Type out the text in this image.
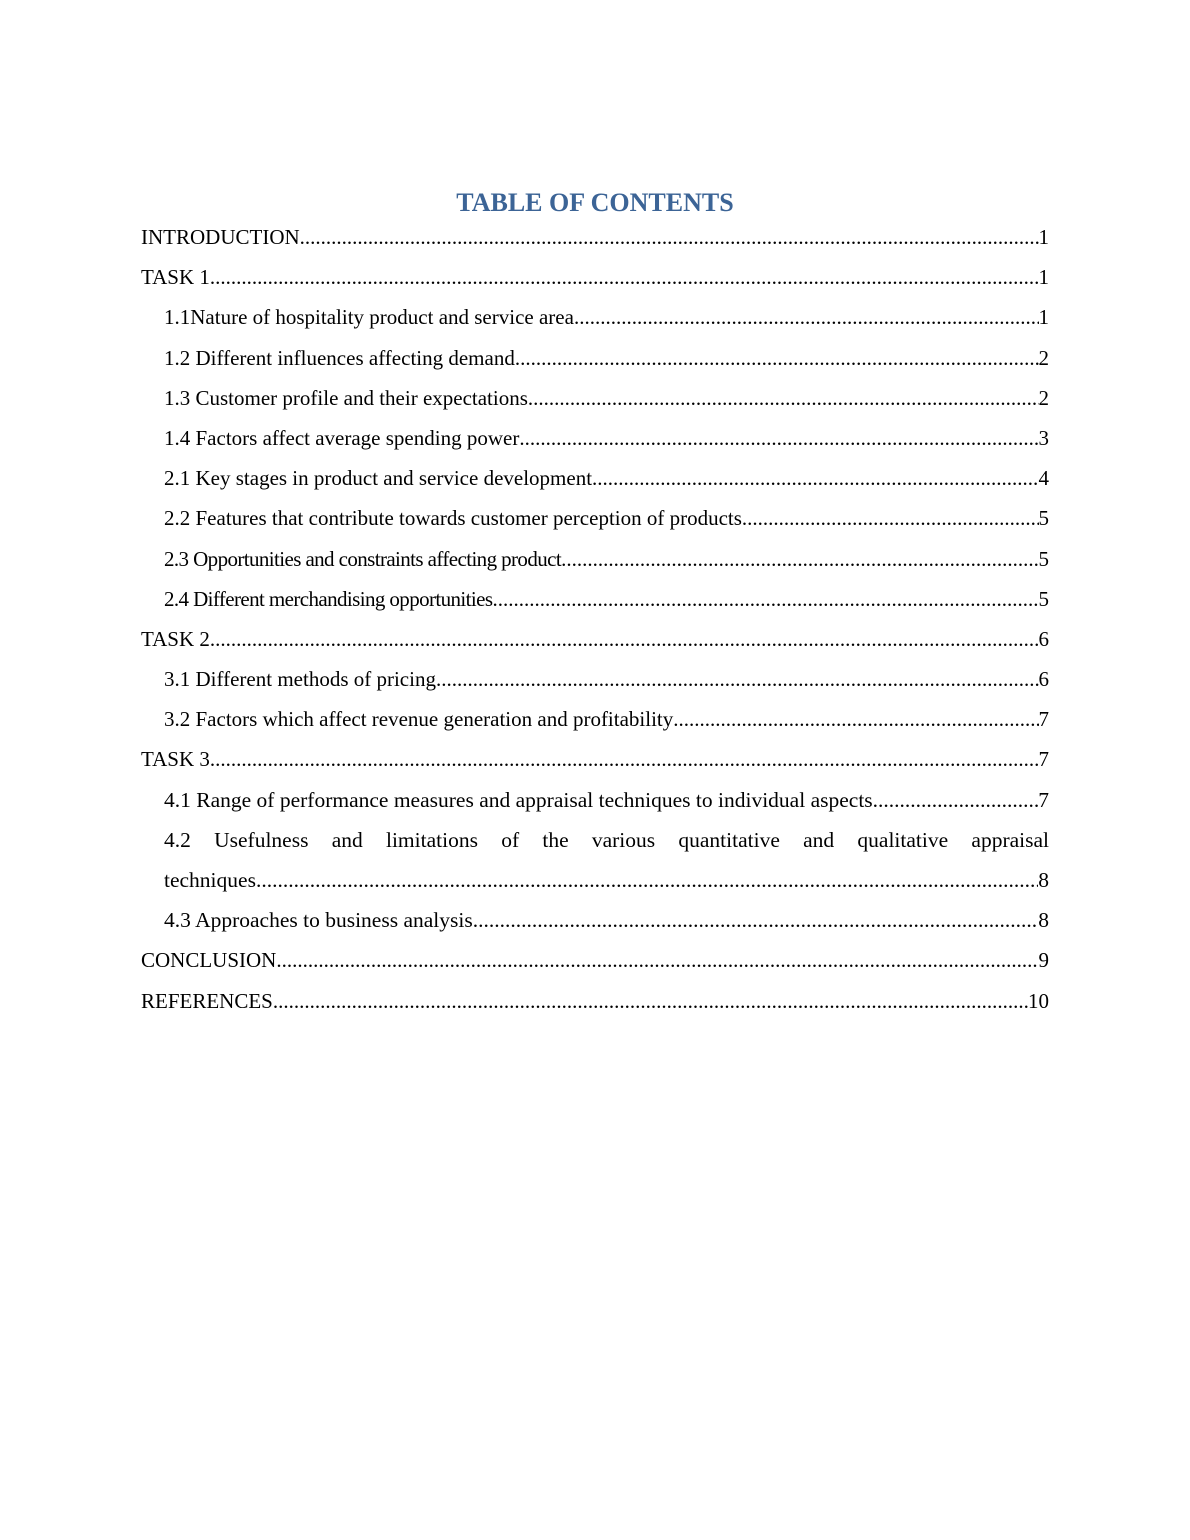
TABLE OF CONTENTS
INTRODUCTION .....	1
TASK 1 .....	1
1.1Nature of hospitality product and service area .....	1
1.2 Different influences affecting demand .....	2
1.3 Customer profile and their expectations .....	2
1.4 Factors affect average spending power .....	3
2.1 Key stages in product and service development .....	4
2.2 Features that contribute towards customer perception of products .....	5
2.3 Opportunities and constraints affecting product .....	5
2.4 Different merchandising opportunities .....	5
TASK 2 .....	6
3.1 Different methods of pricing .....	6
3.2 Factors which affect revenue generation and profitability .....	7
TASK 3 .....	7
4.1 Range of performance measures and appraisal techniques to individual aspects .....	7
4.2 Usefulness and limitations of the various quantitative and qualitative appraisal
techniques .....	8
4.3 Approaches to business analysis .....	8
CONCLUSION .....	9
REFERENCES .....	10
